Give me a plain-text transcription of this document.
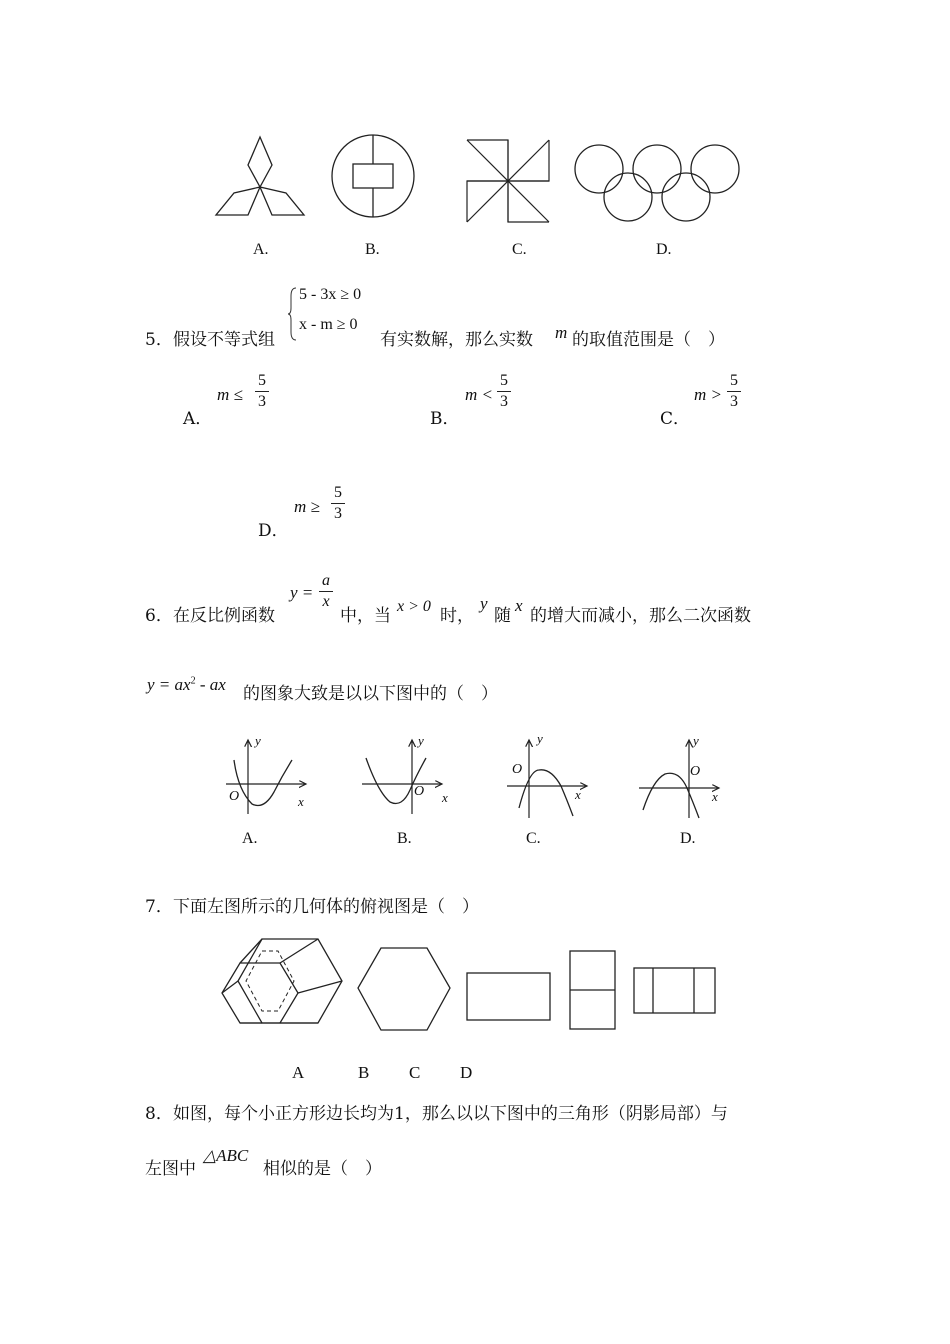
A.	B.	C.	D.
5． 假设不等式组
5 - 3x ≥ 0
x - m ≥ 0
有实数解，那么实数 m 的取值范围是（　）
A．
m ≤
5
3
B．
m <
5
3
C．
m >
5
3
D．
m ≥
5
3
6． 在反比例函数
y =
a
x
中，当 x > 0 时，
y
随
x
的增大而减小，那么二次函数
$y = ax^2$ - ax 的图象大致是以以下图中的（　）
y
x
O
A.
y
x
O
B.
y
x
O
C.
y
x
O
D.
7． 下面左图所示的几何体的俯视图是（　）
A	B C D
8． 如图，每个小正方形边长均为1，那么以以下图中的三角形（阴影局部）与
左图中
△ABC
相似的是（　）
